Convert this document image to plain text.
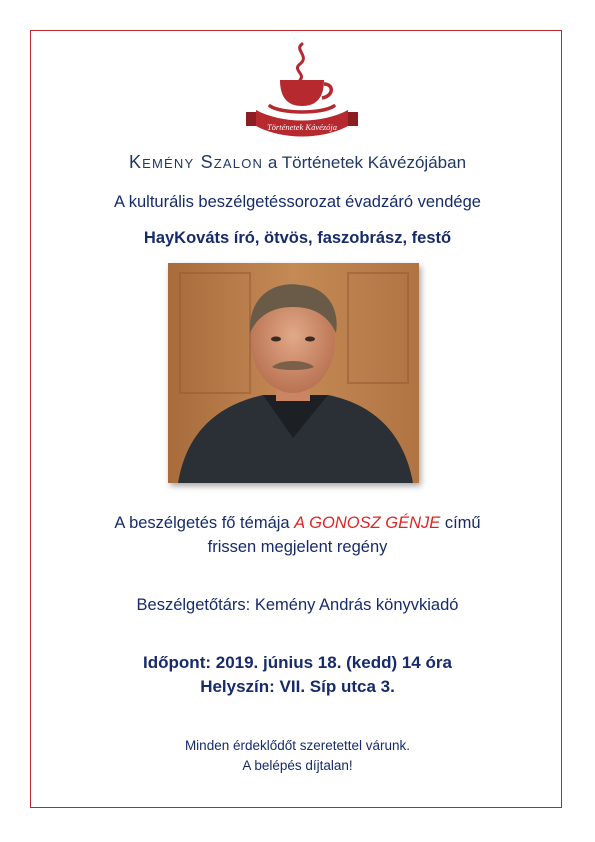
Történetek Kávézója
Kemény Szalon a Történetek Kávézójában
A kulturális beszélgetéssorozat évadzáró vendége
HayKováts író, ötvös, faszobrász, festő
A beszélgetés fő témája A GONOSZ GÉNJE című
frissen megjelent regény
Beszélgetőtárs: Kemény András könyvkiadó
Időpont: 2019. június 18. (kedd) 14 óra
Helyszín: VII. Síp utca 3.
Minden érdeklődőt szeretettel várunk.
A belépés díjtalan!
